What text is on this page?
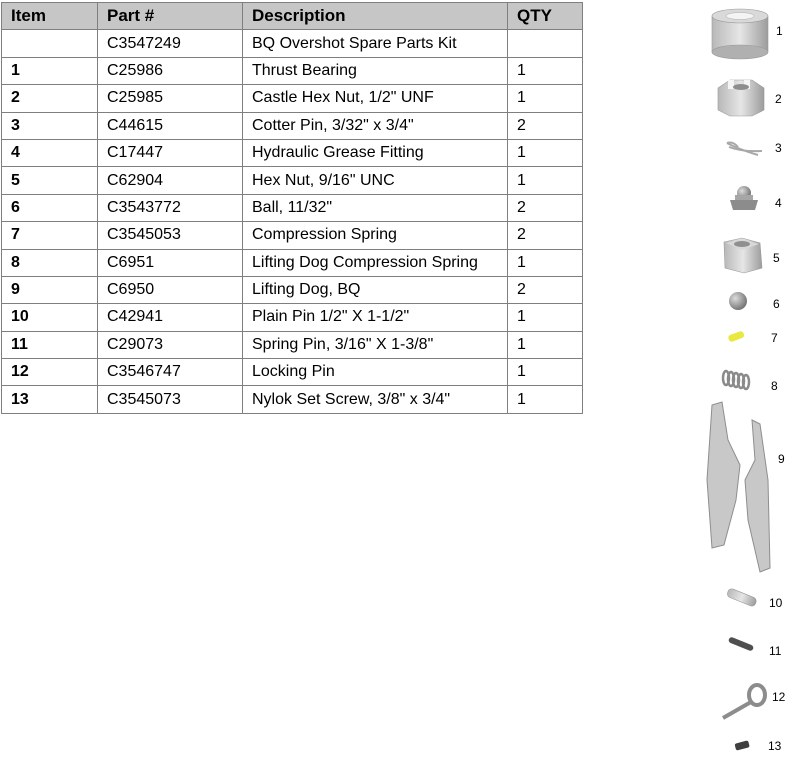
Item	Part #	Description	QTY
	C3547249	BQ Overshot Spare Parts Kit	
1	C25986	Thrust Bearing	1
2	C25985	Castle Hex Nut, 1/2" UNF	1
3	C44615	Cotter Pin, 3/32" x 3/4"	2
4	C17447	Hydraulic Grease Fitting	1
5	C62904	Hex Nut, 9/16" UNC	1
6	C3543772	Ball, 11/32"	2
7	C3545053	Compression Spring	2
8	C6951	Lifting Dog Compression Spring	1
9	C6950	Lifting Dog, BQ	2
10	C42941	Plain Pin 1/2" X 1-1/2"	1
11	C29073	Spring Pin, 3/16" X 1-3/8"	1
12	C3546747	Locking Pin	1
13	C3545073	Nylok Set Screw, 3/8" x 3/4"	1
1
2
3
4
5
6
7
8
9
10
11
12
13
